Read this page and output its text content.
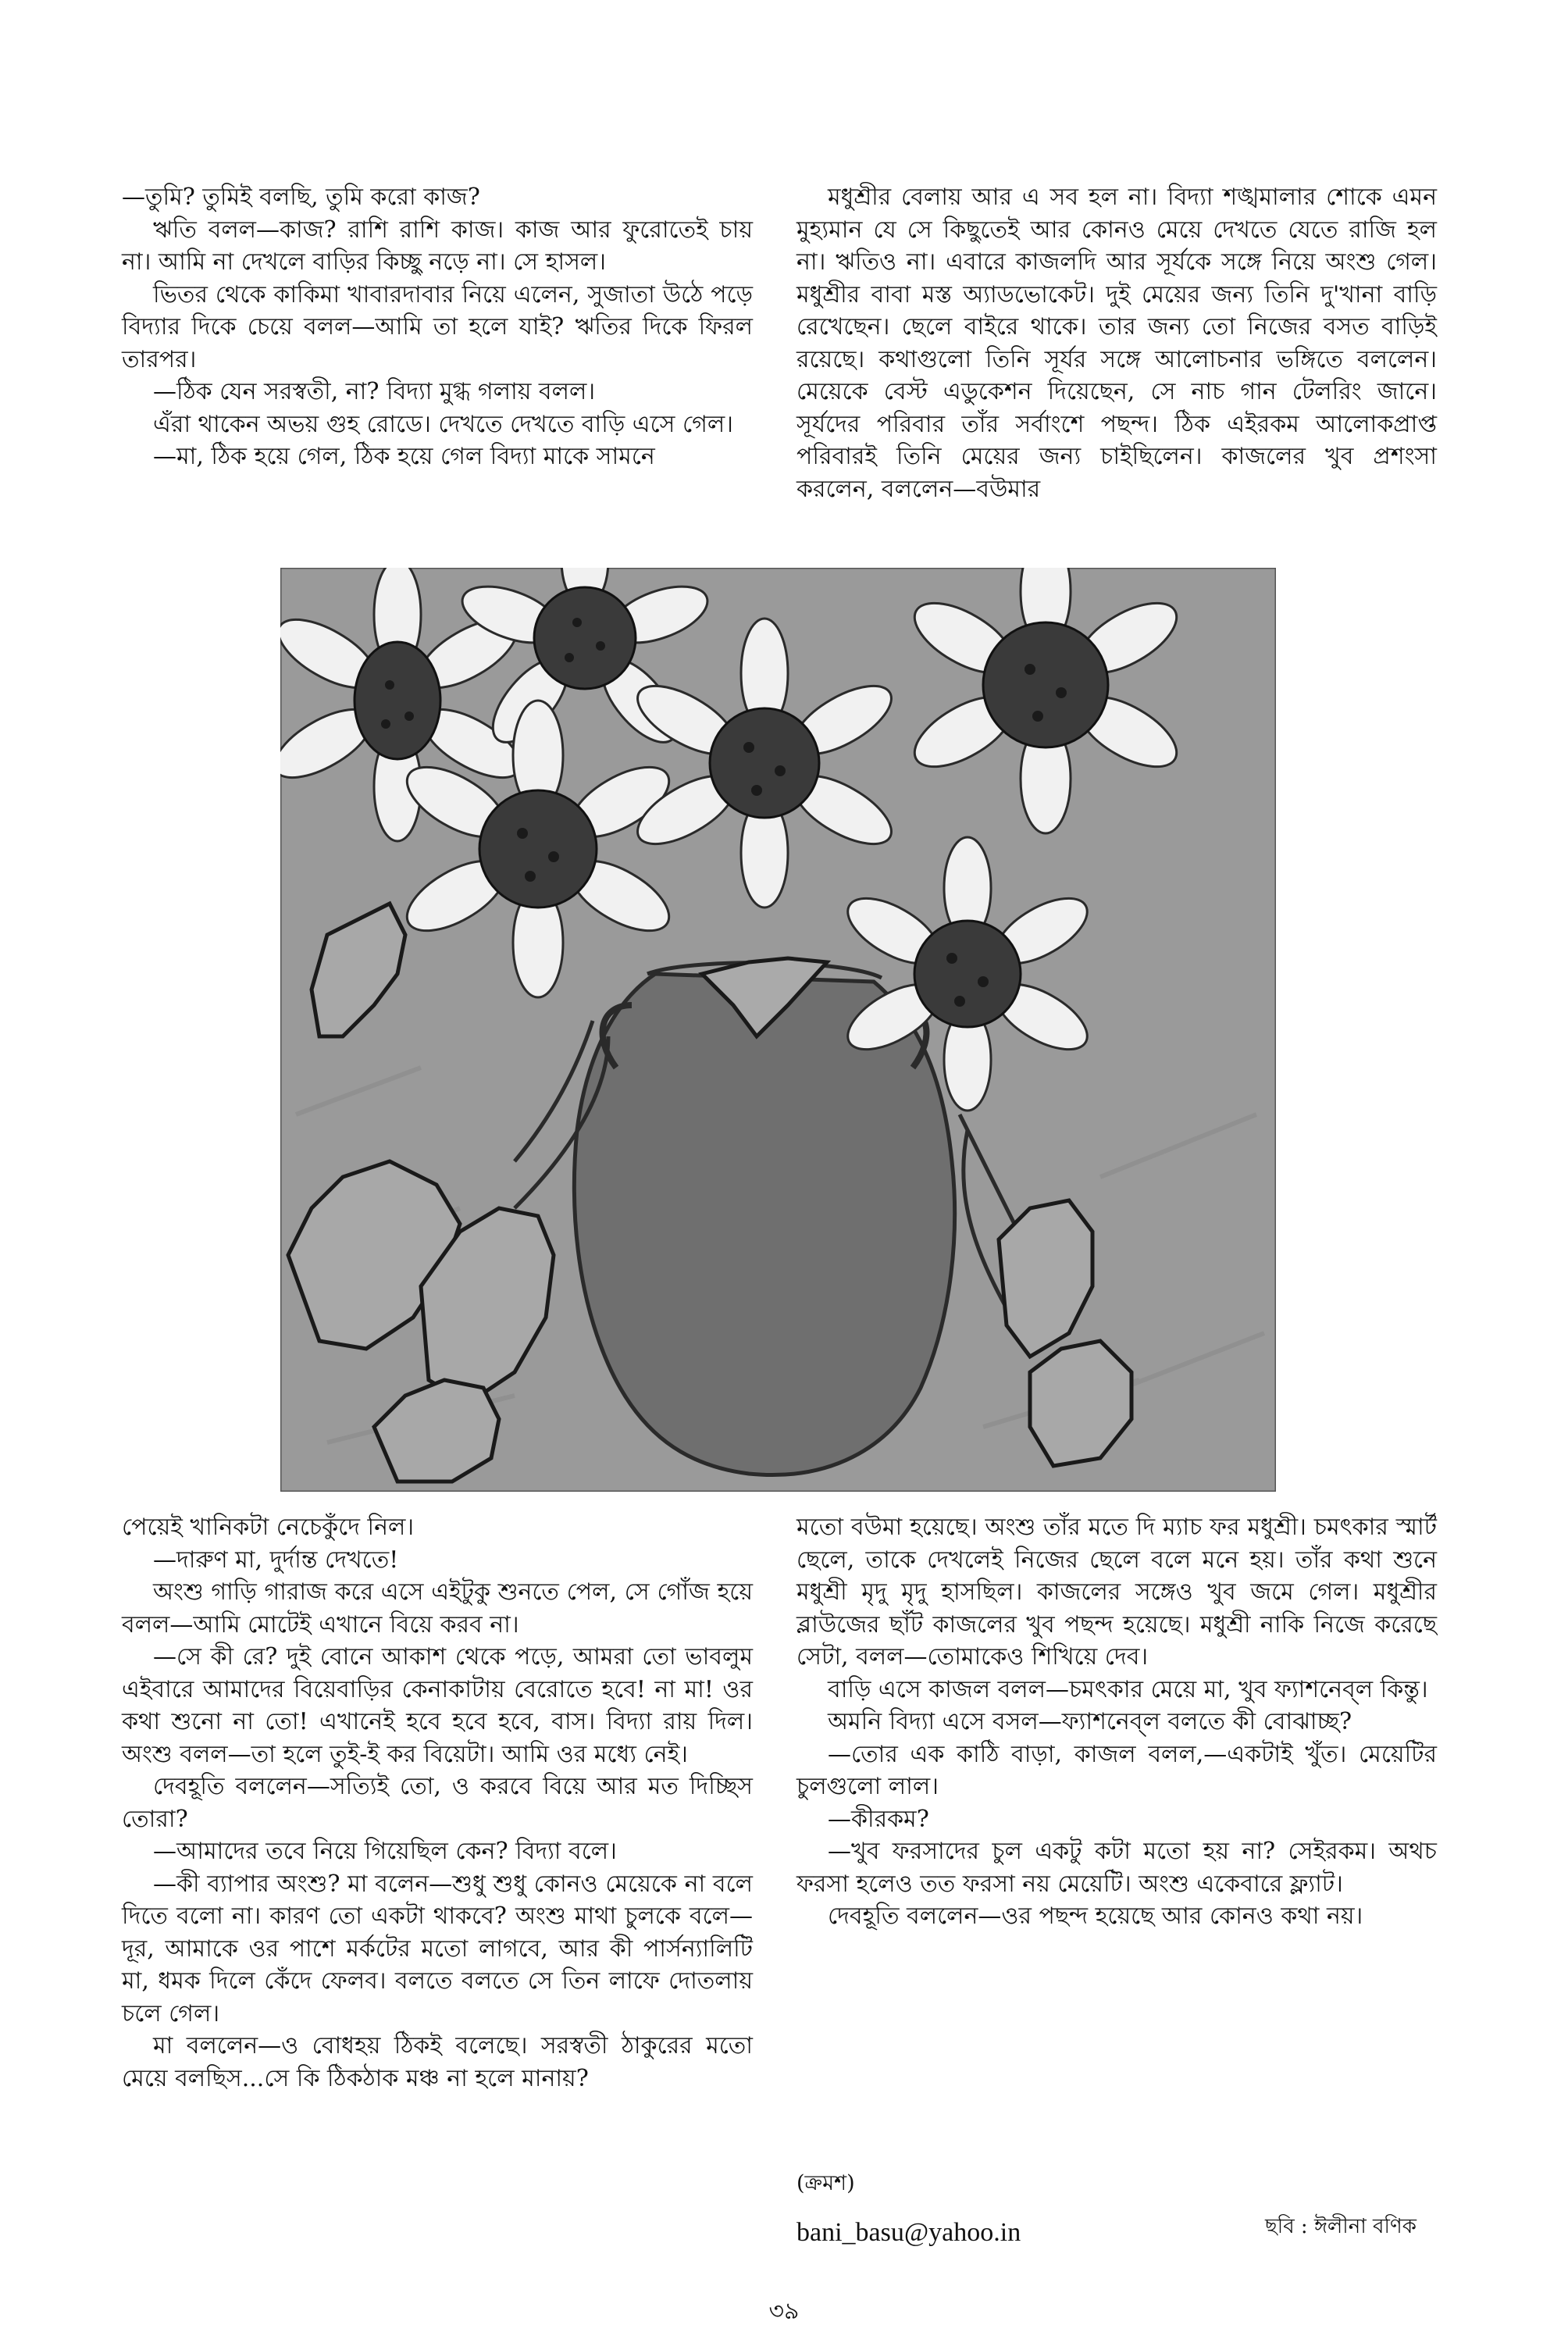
—তুমি? তুমিই বলছি, তুমি করো কাজ?

ঋতি বলল—কাজ? রাশি রাশি কাজ। কাজ আর ফুরোতেই চায় না। আমি না দেখলে বাড়ির কিচ্ছু নড়ে না। সে হাসল।

ভিতর থেকে কাকিমা খাবারদাবার নিয়ে এলেন, সুজাতা উঠে পড়ে বিদ্যার দিকে চেয়ে বলল—আমি তা হলে যাই? ঋতির দিকে ফিরল তারপর।

—ঠিক যেন সরস্বতী, না? বিদ্যা মুগ্ধ গলায় বলল।

এঁরা থাকেন অভয় গুহ রোডে। দেখতে দেখতে বাড়ি এসে গেল।

—মা, ঠিক হয়ে গেল, ঠিক হয়ে গেল বিদ্যা মাকে সামনে

মধুশ্রীর বেলায় আর এ সব হল না। বিদ্যা শঙ্খমালার শোকে এমন মুহ্যমান যে সে কিছুতেই আর কোনও মেয়ে দেখতে যেতে রাজি হল না। ঋতিও না। এবারে কাজলদি আর সূর্যকে সঙ্গে নিয়ে অংশু গেল। মধুশ্রীর বাবা মস্ত অ্যাডভোকেট। দুই মেয়ের জন্য তিনি দু'খানা বাড়ি রেখেছেন। ছেলে বাইরে থাকে। তার জন্য তো নিজের বসত বাড়িই রয়েছে। কথাগুলো তিনি সূর্যর সঙ্গে আলোচনার ভঙ্গিতে বললেন। মেয়েকে বেস্ট এডুকেশন দিয়েছেন, সে নাচ গান টেলরিং জানে। সূর্যদের পরিবার তাঁর সর্বাংশে পছন্দ। ঠিক এইরকম আলোকপ্রাপ্ত পরিবারই তিনি মেয়ের জন্য চাইছিলেন। কাজলের খুব প্রশংসা করলেন, বললেন—বউমার

পেয়েই খানিকটা নেচেকুঁদে নিল।

—দারুণ মা, দুর্দান্ত দেখতে!

অংশু গাড়ি গারাজ করে এসে এইটুকু শুনতে পেল, সে গোঁজ হয়ে বলল—আমি মোটেই এখানে বিয়ে করব না।

—সে কী রে? দুই বোনে আকাশ থেকে পড়ে, আমরা তো ভাবলুম এইবারে আমাদের বিয়েবাড়ির কেনাকাটায় বেরোতে হবে! না মা! ওর কথা শুনো না তো! এখানেই হবে হবে হবে, বাস। বিদ্যা রায় দিল। অংশু বলল—তা হলে তুই-ই কর বিয়েটা। আমি ওর মধ্যে নেই।

দেবহূতি বললেন—সত্যিই তো, ও করবে বিয়ে আর মত দিচ্ছিস তোরা?

—আমাদের তবে নিয়ে গিয়েছিল কেন? বিদ্যা বলে।

—কী ব্যাপার অংশু? মা বলেন—শুধু শুধু কোনও মেয়েকে না বলে দিতে বলো না। কারণ তো একটা থাকবে? অংশু মাথা চুলকে বলে—দূর, আমাকে ওর পাশে মর্কটের মতো লাগবে, আর কী পার্সন্যালিটি মা, ধমক দিলে কেঁদে ফেলব। বলতে বলতে সে তিন লাফে দোতলায় চলে গেল।

মা বললেন—ও বোধহয় ঠিকই বলেছে। সরস্বতী ঠাকুরের মতো মেয়ে বলছিস...সে কি ঠিকঠাক মঞ্চ না হলে মানায়?

মতো বউমা হয়েছে। অংশু তাঁর মতে দি ম্যাচ ফর মধুশ্রী। চমৎকার স্মার্ট ছেলে, তাকে দেখলেই নিজের ছেলে বলে মনে হয়। তাঁর কথা শুনে মধুশ্রী মৃদু মৃদু হাসছিল। কাজলের সঙ্গেও খুব জমে গেল। মধুশ্রীর ব্লাউজের ছাঁট কাজলের খুব পছন্দ হয়েছে। মধুশ্রী নাকি নিজে করেছে সেটা, বলল—তোমাকেও শিখিয়ে দেব।

বাড়ি এসে কাজল বলল—চমৎকার মেয়ে মা, খুব ফ্যাশনেব্‌ল কিন্তু।

অমনি বিদ্যা এসে বসল—ফ্যাশনেব্‌ল বলতে কী বোঝাচ্ছ?

—তোর এক কাঠি বাড়া, কাজল বলল,—একটাই খুঁত। মেয়েটির চুলগুলো লাল।

—কীরকম?

—খুব ফরসাদের চুল একটু কটা মতো হয় না? সেইরকম। অথচ ফরসা হলেও তত ফরসা নয় মেয়েটি। অংশু একেবারে ফ্ল্যাট।

দেবহূতি বললেন—ওর পছন্দ হয়েছে আর কোনও কথা নয়।

(ক্রমশ)
bani_basu@yahoo.in	ছবি : ঈলীনা বণিক
৩৯
